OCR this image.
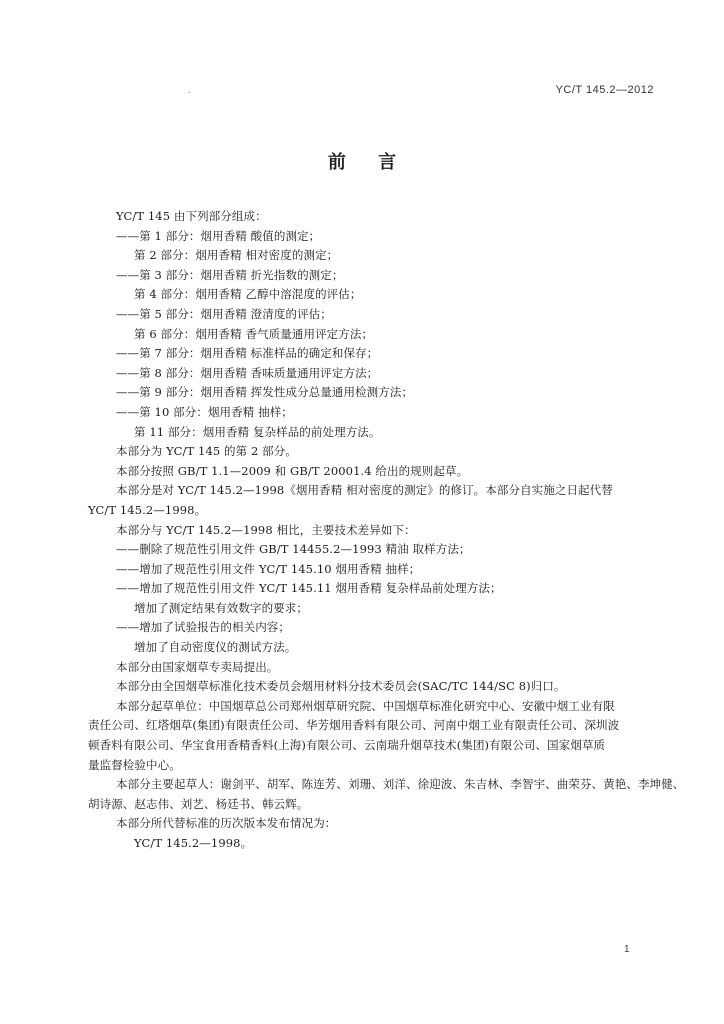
.	YC/T 145.2—2012
前 言
YC/T 145 由下列部分组成：
——第 1 部分：烟用香精 酸值的测定；
第 2 部分：烟用香精 相对密度的测定；
——第 3 部分：烟用香精 折光指数的测定；
第 4 部分：烟用香精 乙醇中溶混度的评估；
——第 5 部分：烟用香精 澄清度的评估；
第 6 部分：烟用香精 香气质量通用评定方法；
——第 7 部分：烟用香精 标准样品的确定和保存；
——第 8 部分：烟用香精 香味质量通用评定方法；
——第 9 部分：烟用香精 挥发性成分总量通用检测方法；
——第 10 部分：烟用香精 抽样；
第 11 部分：烟用香精 复杂样品的前处理方法。
本部分为 YC/T 145 的第 2 部分。
本部分按照 GB/T 1.1—2009 和 GB/T 20001.4 给出的规则起草。
本部分是对 YC/T 145.2—1998《烟用香精 相对密度的测定》的修订。本部分自实施之日起代替
YC/T 145.2—1998。
本部分与 YC/T 145.2—1998 相比，主要技术差异如下：
——删除了规范性引用文件 GB/T 14455.2—1993 精油 取样方法；
——增加了规范性引用文件 YC/T 145.10 烟用香精 抽样；
——增加了规范性引用文件 YC/T 145.11 烟用香精 复杂样品前处理方法；
增加了测定结果有效数字的要求；
——增加了试验报告的相关内容；
增加了自动密度仪的测试方法。
本部分由国家烟草专卖局提出。
本部分由全国烟草标准化技术委员会烟用材料分技术委员会(SAC/TC 144/SC 8)归口。
本部分起草单位：中国烟草总公司郑州烟草研究院、中国烟草标准化研究中心、安徽中烟工业有限
责任公司、红塔烟草(集团)有限责任公司、华芳烟用香料有限公司、河南中烟工业有限责任公司、深圳波
顿香料有限公司、华宝食用香精香料(上海)有限公司、云南瑞升烟草技术(集团)有限公司、国家烟草质
量监督检验中心。
本部分主要起草人：谢剑平、胡军、陈连芳、刘珊、刘洋、徐迎波、朱吉林、李智宇、曲荣芬、黄艳、李坤健、
胡诗源、赵志伟、刘艺、杨廷书、韩云辉。
本部分所代替标准的历次版本发布情况为：
YC/T 145.2—1998。
1
